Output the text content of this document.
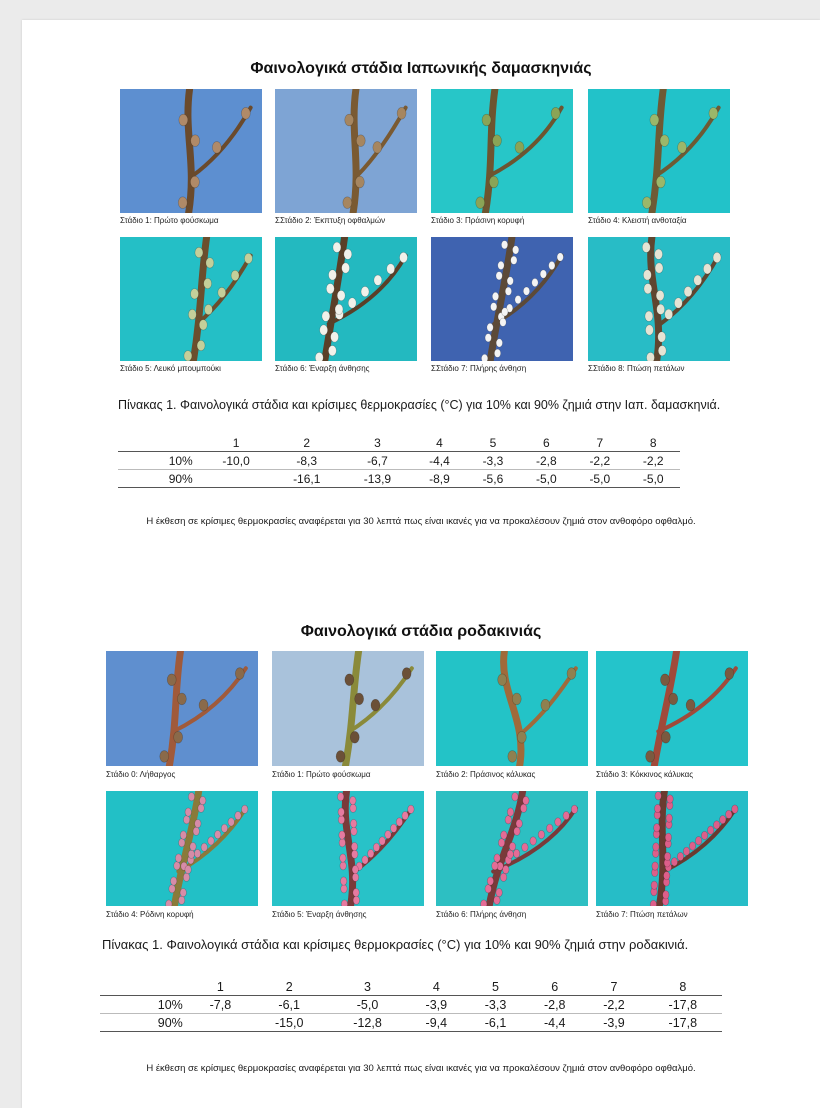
Φαινολογικά στάδια Ιαπωνικής δαμασκηνιάς
Πίνακας 1. Φαινολογικά στάδια και κρίσιμες θερμοκρασίες (°C) για 10% και 90% ζημιά στην Ιαπ. δαμασκηνιά.
	1	2	3	4	5	6	7	8
10%	-10,0	-8,3	-6,7	-4,4	-3,3	-2,8	-2,2	-2,2
90%		-16,1	-13,9	-8,9	-5,6	-5,0	-5,0	-5,0
Η έκθεση σε κρίσιμες θερμοκρασίες αναφέρεται για 30 λεπτά πως είναι ικανές για να προκαλέσουν ζημιά στον ανθοφόρο οφθαλμό.
Φαινολογικά στάδια ροδακινιάς
Πίνακας 1. Φαινολογικά στάδια και κρίσιμες θερμοκρασίες (°C) για 10% και 90% ζημιά στην ροδακινιά.
	1	2	3	4	5	6	7	8
10%	-7,8	-6,1	-5,0	-3,9	-3,3	-2,8	-2,2	-17,8
90%		-15,0	-12,8	-9,4	-6,1	-4,4	-3,9	-17,8
Η έκθεση σε κρίσιμες θερμοκρασίες αναφέρεται για 30 λεπτά πως είναι ικανές για να προκαλέσουν ζημιά στον ανθοφόρο οφθαλμό.
Στάδιο 1: Πρώτο φούσκωμα	ΣΣτάδιο 2: Έκπτυξη οφθαλμών	Στάδιο 3: Πράσινη κορυφή	Στάδιο 4: Κλειστή ανθοταξία
Στάδιο 5: Λευκό μπουμπούκι	Στάδιο 6: Έναρξη άνθησης	ΣΣτάδιο 7: Πλήρης άνθηση	ΣΣτάδιο 8: Πτώση πετάλων
Στάδιο 0: Λήθαργος	Στάδιο 1: Πρώτο φούσκωμα	Στάδιο 2: Πράσινος κάλυκας	Στάδιο 3: Κόκκινος κάλυκας
Στάδιο 4: Ρόδινη κορυφή	Στάδιο 5: Έναρξη άνθησης	Στάδιο 6: Πλήρης άνθηση	Στάδιο 7: Πτώση πετάλων
